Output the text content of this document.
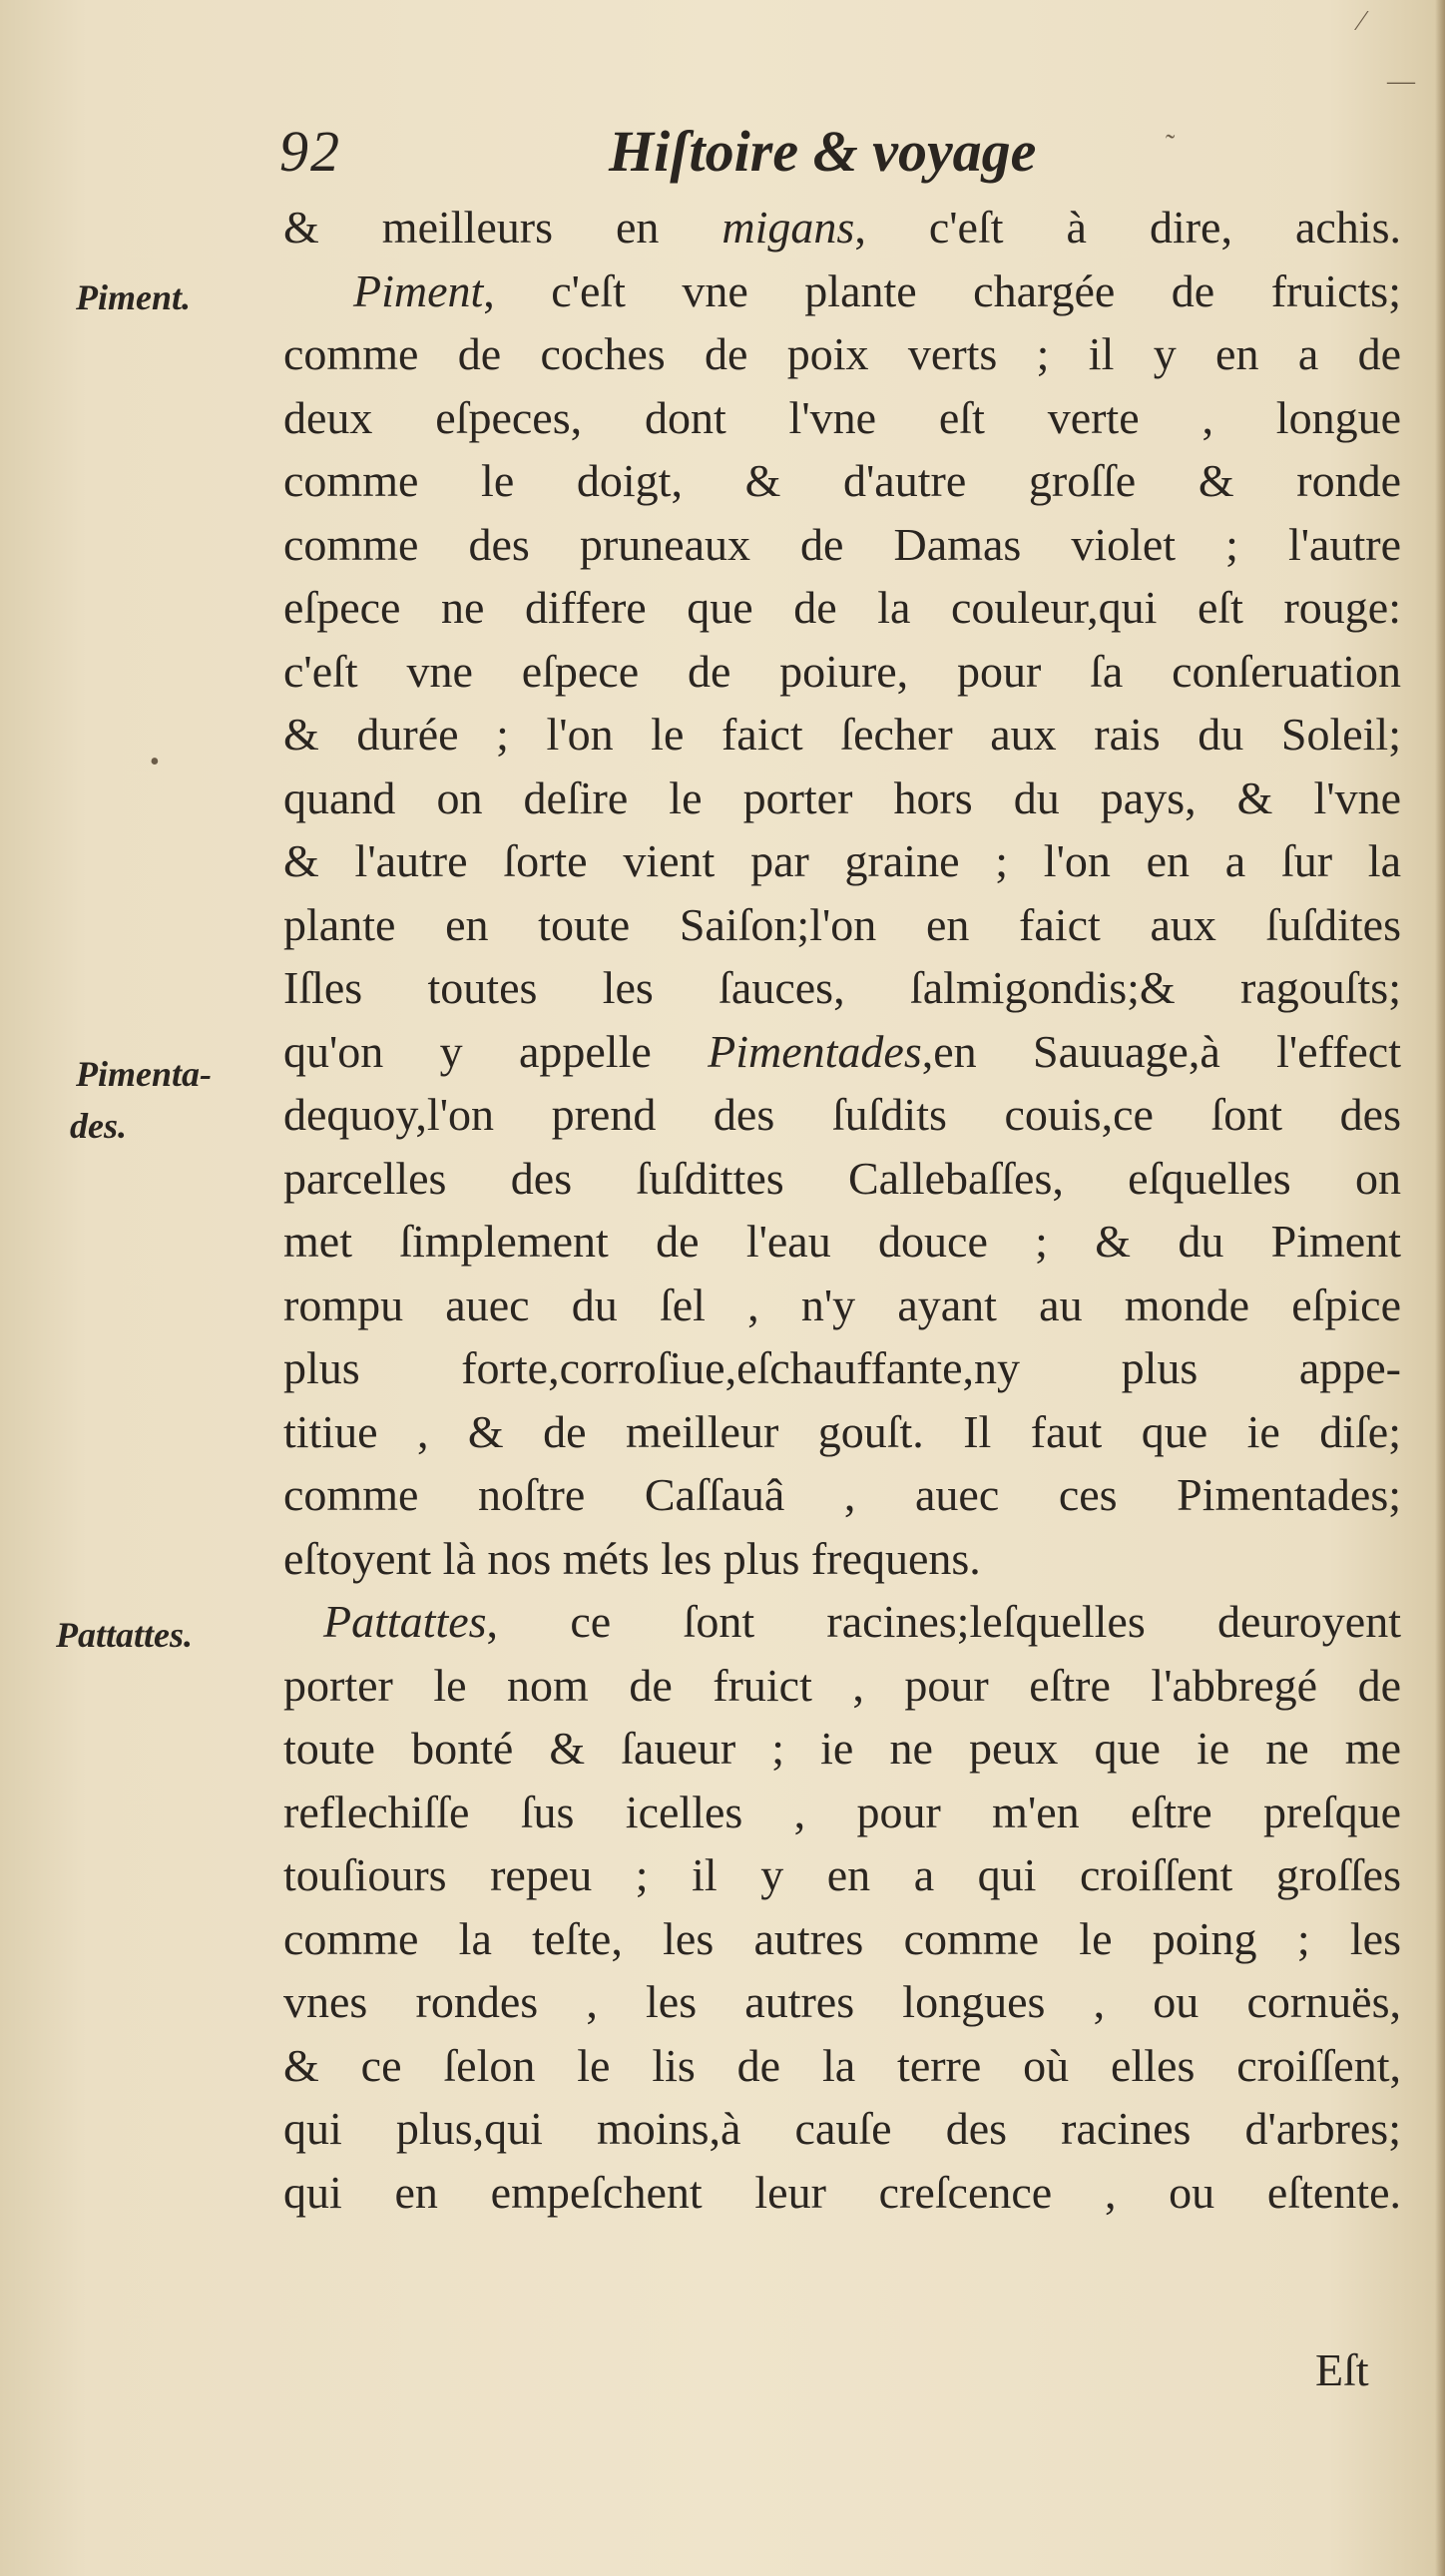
⁄
—
˜
•
92	Hiſtoire & voyage
Piment.
Pimenta-
des.
Pattattes.
& meilleurs en migans, c'eſt à dire, achis.
Piment, c'eſt vne plante chargée de fruicts;
comme de coches de poix verts ; il y en a de
deux eſpeces, dont l'vne eſt verte , longue
comme le doigt, & d'autre groſſe & ronde
comme des pruneaux de Damas violet ; l'autre
eſpece ne differe que de la couleur,qui eſt rouge:
c'eſt vne eſpece de poiure, pour ſa conſeruation
& durée ; l'on le faict ſecher aux rais du Soleil;
quand on deſire le porter hors du pays, & l'vne
& l'autre ſorte vient par graine ; l'on en a ſur la
plante en toute Saiſon;l'on en faict aux ſuſdites
Iſles toutes les ſauces, ſalmigondis;& ragouſts;
qu'on y appelle Pimentades,en Sauuage,à l'effect
dequoy,l'on prend des ſuſdits couis,ce ſont des
parcelles des ſuſdittes Callebaſſes, eſquelles on
met ſimplement de l'eau douce ; & du Piment
rompu auec du ſel , n'y ayant au monde eſpice
plus forte,corroſiue,eſchauffante,ny plus appe-
titiue , & de meilleur gouſt. Il faut que ie diſe;
comme noſtre Caſſauâ , auec ces Pimentades;
eſtoyent là nos méts les plus frequens.
Pattattes, ce ſont racines;leſquelles deuroyent
porter le nom de fruict , pour eſtre l'abbregé de
toute bonté & ſaueur ; ie ne peux que ie ne me
reflechiſſe ſus icelles , pour m'en eſtre preſque
touſiours repeu ; il y en a qui croiſſent groſſes
comme la teſte, les autres comme le poing ; les
vnes rondes , les autres longues , ou cornuës,
& ce ſelon le lis de la terre où elles croiſſent,
qui plus,qui moins,à cauſe des racines d'arbres;
qui en empeſchent leur creſcence , ou eſtente.
Eſt
